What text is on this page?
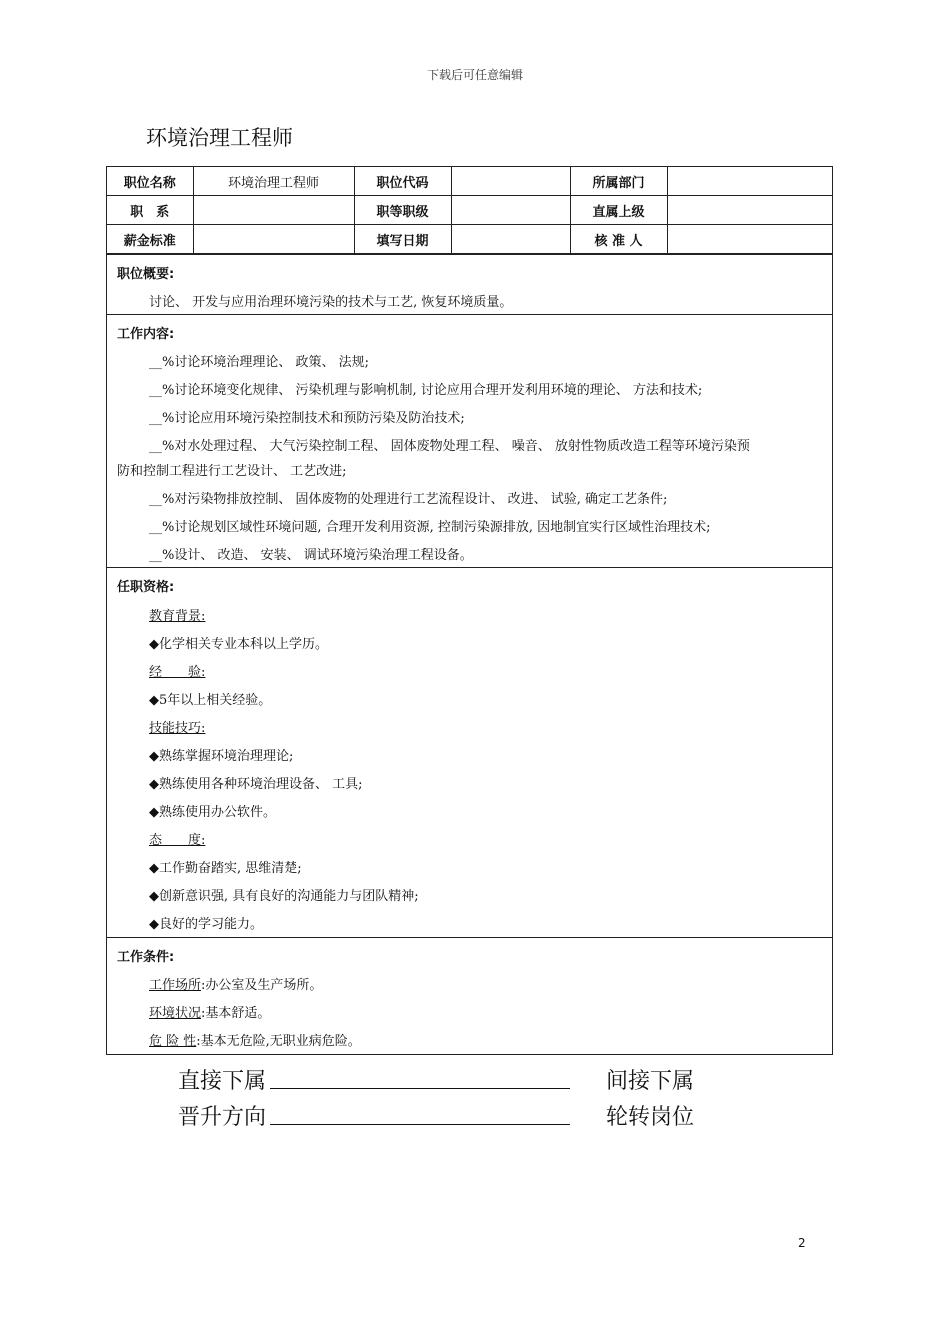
下载后可任意编辑
环境治理工程师
职位名称	环境治理工程师	职位代码		所属部门	
职　系		职等职级		直属上级	
薪金标准		填写日期		核 准 人	
职位概要:
讨论、 开发与应用治理环境污染的技术与工艺, 恢复环境质量。
工作内容:
__%讨论环境治理理论、 政策、 法规;
__%讨论环境变化规律、 污染机理与影响机制, 讨论应用合理开发利用环境的理论、 方法和技术;
__%讨论应用环境污染控制技术和预防污染及防治技术;
__%对水处理过程、 大气污染控制工程、 固体废物处理工程、 噪音、 放射性物质改造工程等环境污染预
防和控制工程进行工艺设计、 工艺改进;
__%对污染物排放控制、 固体废物的处理进行工艺流程设计、 改进、 试验, 确定工艺条件;
__%讨论规划区域性环境问题, 合理开发利用资源, 控制污染源排放, 因地制宜实行区域性治理技术;
__%设计、 改造、 安装、 调试环境污染治理工程设备。
任职资格:
教育背景:
◆化学相关专业本科以上学历。
经　　验:
◆5年以上相关经验。
技能技巧:
◆熟练掌握环境治理理论;
◆熟练使用各种环境治理设备、 工具;
◆熟练使用办公软件。
态　　度:
◆工作勤奋踏实, 思维清楚;
◆创新意识强, 具有良好的沟通能力与团队精神;
◆良好的学习能力。
工作条件:
工作场所:办公室及生产场所。
环境状况:基本舒适。
危 险 性:基本无危险,无职业病危险。
直接下属	间接下属
晋升方向	轮转岗位
2
